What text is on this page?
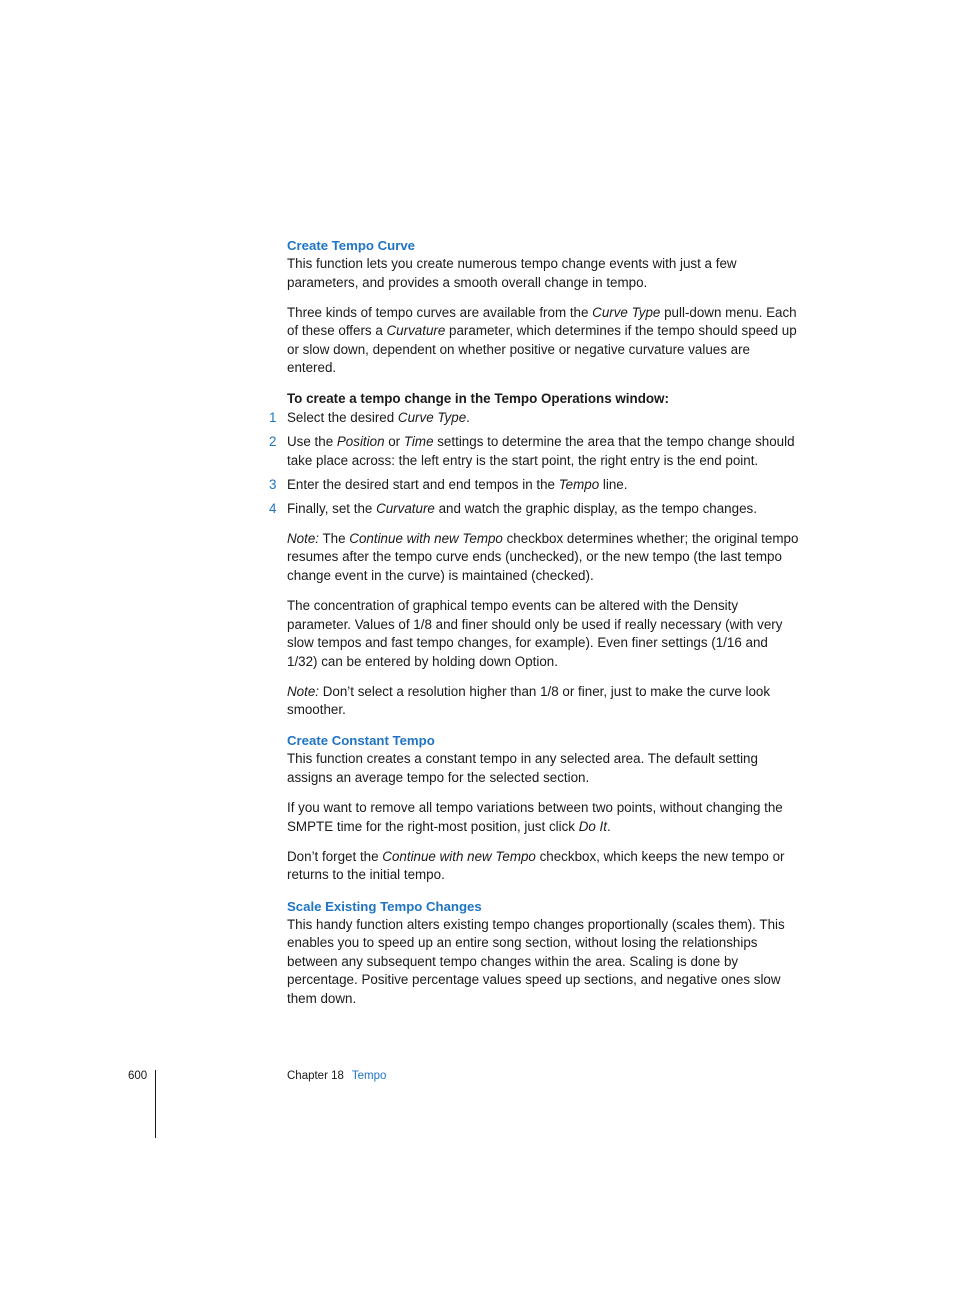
Create Tempo Curve

This function lets you create numerous tempo change events with just a few parameters, and provides a smooth overall change in tempo.

Three kinds of tempo curves are available from the Curve Type pull-down menu. Each of these offers a Curvature parameter, which determines if the tempo should speed up or slow down, dependent on whether positive or negative curvature values are entered.

To create a tempo change in the Tempo Operations window:
1 Select the desired Curve Type.
2 Use the Position or Time settings to determine the area that the tempo change should take place across: the left entry is the start point, the right entry is the end point.
3 Enter the desired start and end tempos in the Tempo line.
4 Finally, set the Curvature and watch the graphic display, as the tempo changes.

Note: The Continue with new Tempo checkbox determines whether; the original tempo resumes after the tempo curve ends (unchecked), or the new tempo (the last tempo change event in the curve) is maintained (checked).

The concentration of graphical tempo events can be altered with the Density parameter. Values of 1/8 and finer should only be used if really necessary (with very slow tempos and fast tempo changes, for example). Even finer settings (1/16 and 1/32) can be entered by holding down Option.

Note: Don’t select a resolution higher than 1/8 or finer, just to make the curve look smoother.

Create Constant Tempo

This function creates a constant tempo in any selected area. The default setting assigns an average tempo for the selected section.

If you want to remove all tempo variations between two points, without changing the SMPTE time for the right-most position, just click Do It.

Don’t forget the Continue with new Tempo checkbox, which keeps the new tempo or returns to the initial tempo.

Scale Existing Tempo Changes

This handy function alters existing tempo changes proportionally (scales them). This enables you to speed up an entire song section, without losing the relationships between any subsequent tempo changes within the area. Scaling is done by percentage. Positive percentage values speed up sections, and negative ones slow them down.

600	Chapter 18 Tempo
